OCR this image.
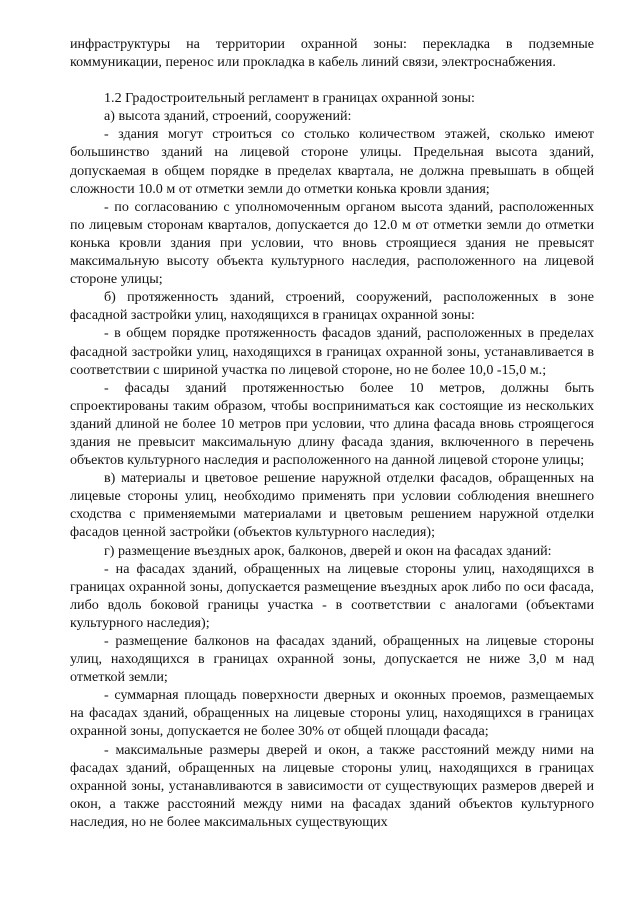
инфраструктуры на территории охранной зоны: перекладка в подземные коммуникации, перенос или прокладка в кабель линий связи, электроснабжения.

1.2 Градостроительный регламент в границах охранной зоны:

а) высота зданий, строений, сооружений:

- здания могут строиться со столько количеством этажей, сколько имеют большинство зданий на лицевой стороне улицы. Предельная высота зданий, допускаемая в общем порядке в пределах квартала, не должна превышать в общей сложности 10.0 м от отметки земли до отметки конька кровли здания;

- по согласованию с уполномоченным органом высота зданий, расположенных по лицевым сторонам кварталов, допускается до 12.0 м от отметки земли до отметки конька кровли здания при условии, что вновь строящиеся здания не превысят максимальную высоту объекта культурного наследия, расположенного на лицевой стороне улицы;

б) протяженность зданий, строений, сооружений, расположенных в зоне фасадной застройки улиц, находящихся в границах охранной зоны:

- в общем порядке протяженность фасадов зданий, расположенных в пределах фасадной застройки улиц, находящихся в границах охранной зоны, устанавливается в соответствии с шириной участка по лицевой стороне, но не более 10,0 -15,0 м.;

- фасады зданий протяженностью более 10 метров, должны быть спроектированы таким образом, чтобы восприниматься как состоящие из нескольких зданий длиной не более 10 метров при условии, что длина фасада вновь строящегося здания не превысит максимальную длину фасада здания, включенного в перечень объектов культурного наследия и расположенного на данной лицевой стороне улицы;

в) материалы и цветовое решение наружной отделки фасадов, обращенных на лицевые стороны улиц, необходимо применять при условии соблюдения внешнего сходства с применяемыми материалами и цветовым решением наружной отделки фасадов ценной застройки (объектов культурного наследия);

г) размещение въездных арок, балконов, дверей и окон на фасадах зданий:

- на фасадах зданий, обращенных на лицевые стороны улиц, находящихся в границах охранной зоны, допускается размещение въездных арок либо по оси фасада, либо вдоль боковой границы участка - в соответствии с аналогами (объектами культурного наследия);

- размещение балконов на фасадах зданий, обращенных на лицевые стороны улиц, находящихся в границах охранной зоны, допускается не ниже 3,0 м над отметкой земли;

- суммарная площадь поверхности дверных и оконных проемов, размещаемых на фасадах зданий, обращенных на лицевые стороны улиц, находящихся в границах охранной зоны, допускается не более 30% от общей площади фасада;

- максимальные размеры дверей и окон, а также расстояний между ними на фасадах зданий, обращенных на лицевые стороны улиц, находящихся в границах охранной зоны, устанавливаются в зависимости от существующих размеров дверей и окон, а также расстояний между ними на фасадах зданий объектов культурного наследия, но не более максимальных существующих
